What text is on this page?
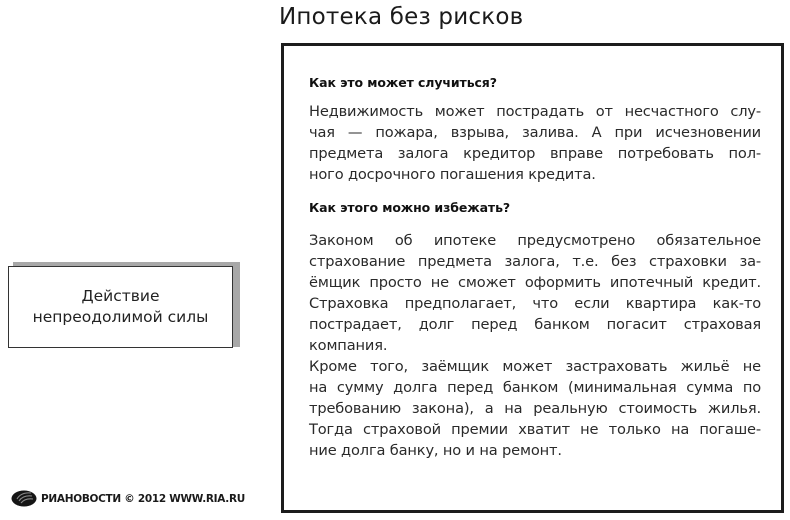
Ипотека без рисков
Действие
непреодолимой силы

Как это может случиться?

Недвижимость может пострадать от несчастного слу-
чая — пожара, взрыва, залива. А при исчезновении
предмета залога кредитор вправе потребовать пол-
ного досрочного погашения кредита.

Как этого можно избежать?

Законом об ипотеке предусмотрено обязательное
страхование предмета залога, т.е. без страховки за-
ёмщик просто не сможет оформить ипотечный кредит.
Страховка предполагает, что если квартира как-то
пострадает, долг перед банком погасит страховая
компания.
Кроме того, заёмщик может застраховать жильё не
на сумму долга перед банком (минимальная сумма по
требованию закона), а на реальную стоимость жилья.
Тогда страховой премии хватит не только на погаше-
ние долга банку, но и на ремонт.

РИАНОВОСТИ © 2012 WWW.RIA.RU
